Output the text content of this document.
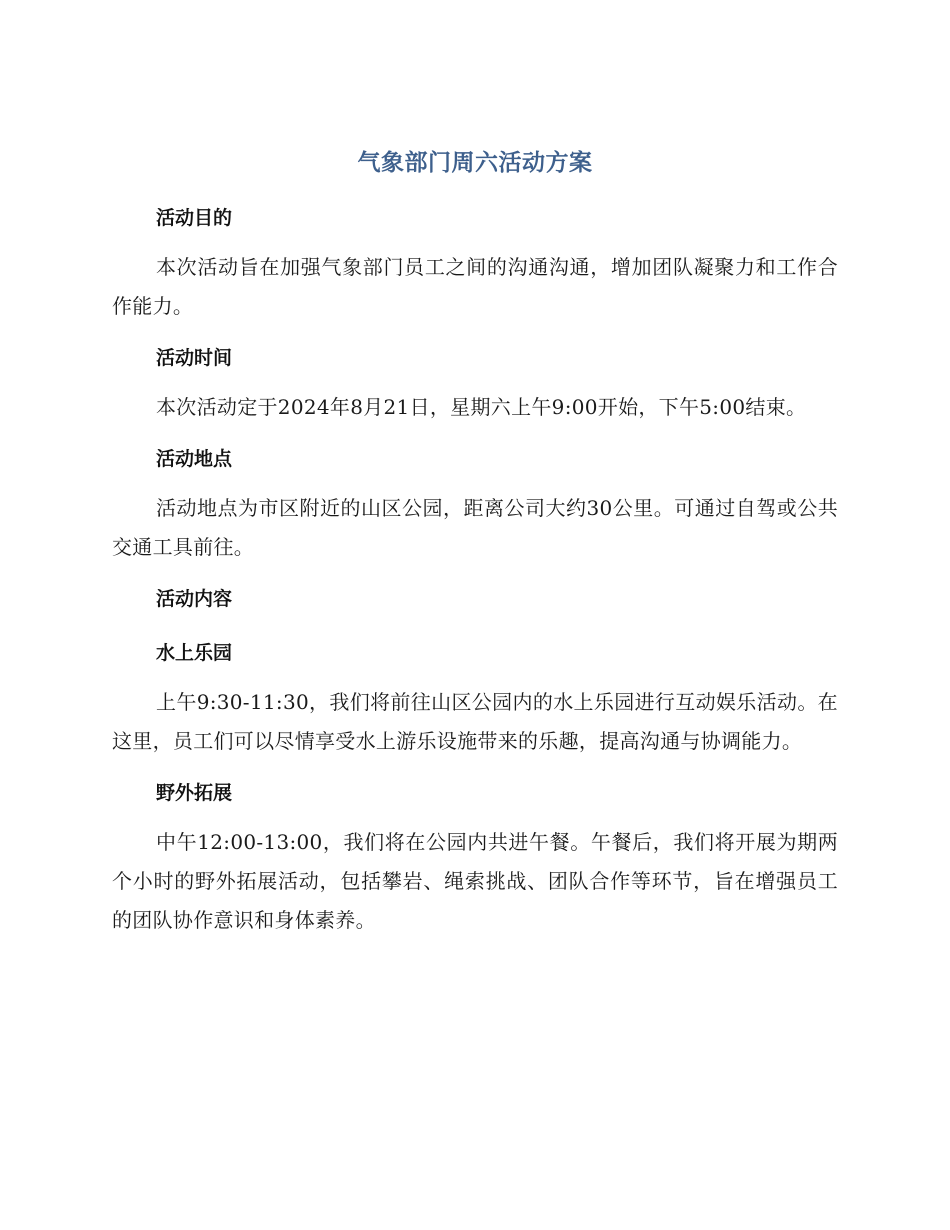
气象部门周六活动方案
活动目的

本次活动旨在加强气象部门员工之间的沟通沟通，增加团队凝聚力和工作合作能力。

活动时间

本次活动定于2024年8月21日，星期六上午9:00开始，下午5:00结束。

活动地点

活动地点为市区附近的山区公园，距离公司大约30公里。可通过自驾或公共交通工具前往。

活动内容
水上乐园

上午9:30-11:30，我们将前往山区公园内的水上乐园进行互动娱乐活动。在这里，员工们可以尽情享受水上游乐设施带来的乐趣，提高沟通与协调能力。

野外拓展

中午12:00-13:00，我们将在公园内共进午餐。午餐后，我们将开展为期两个小时的野外拓展活动，包括攀岩、绳索挑战、团队合作等环节，旨在增强员工的团队协作意识和身体素养。
